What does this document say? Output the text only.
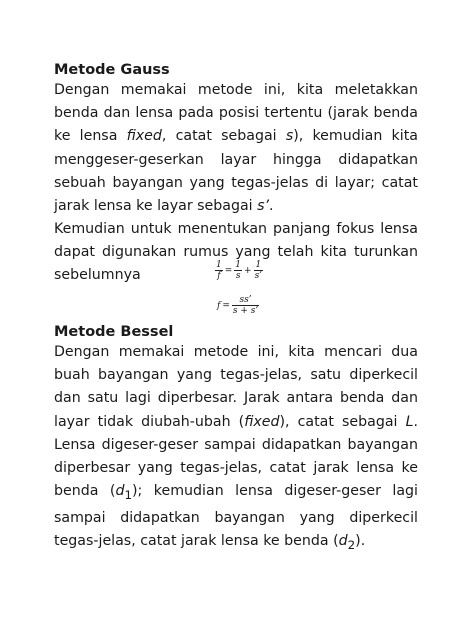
Metode Gauss
Dengan memakai metode ini, kita meletakkan
benda dan lensa pada posisi tertentu (jarak benda
ke lensa fixed, catat sebagai s), kemudian kita
menggeser-geserkan layar hingga didapatkan
sebuah bayangan yang tegas-jelas di layar; catat
jarak lensa ke layar sebagai s’.
Kemudian untuk menentukan panjang fokus lensa
dapat digunakan rumus yang telah kita turunkan
sebelumnya	$\frac{1}{f} = \frac{1}{s} + \frac{1}{s’}$
$f = \frac{ss’}{s + s’}$
Metode Bessel
Dengan memakai metode ini, kita mencari dua
buah bayangan yang tegas-jelas, satu diperkecil
dan satu lagi diperbesar. Jarak antara benda dan
layar tidak diubah-ubah (fixed), catat sebagai L.
Lensa digeser-geser sampai didapatkan bayangan
diperbesar yang tegas-jelas, catat jarak lensa ke
benda $(d_1)$; kemudian lensa digeser-geser lagi
sampai didapatkan bayangan yang diperkecil
tegas-jelas, catat jarak lensa ke benda $(d_2)$.
